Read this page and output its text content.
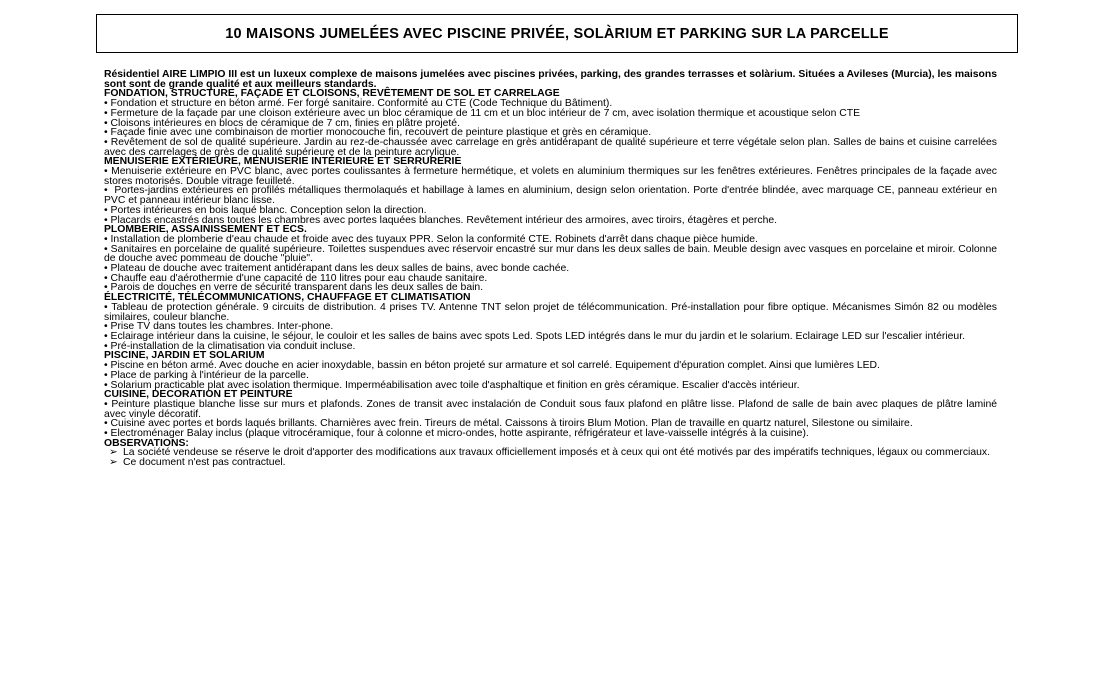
10 MAISONS JUMELÉES AVEC PISCINE PRIVÉE, SOLÀRIUM ET PARKING SUR LA PARCELLE

Résidentiel AIRE LIMPIO III est un luxeux complexe de maisons jumelées avec piscines privées, parking, des grandes terrasses et solàrium. Situées a Avileses (Murcia), les maisons sont sont de grande qualité et aux meilleurs standards.

FONDATION, STRUCTURE, FAÇADE ET CLOISONS, REVÊTEMENT DE SOL ET CARRELAGE

• Fondation et structure en béton armé. Fer forgé sanitaire. Conformité au CTE (Code Technique du Bâtiment).

• Fermeture de la façade par une cloison extérieure avec un bloc céramique de 11 cm et un bloc intérieur de 7 cm, avec isolation thermique et acoustique selon CTE

• Cloisons intérieures en blocs de céramique de 7 cm, finies en plâtre projeté.

• Façade finie avec une combinaison de mortier monocouche fin, recouvert de peinture plastique et grès en céramique.

• Revêtement de sol de qualité supérieure. Jardin au rez-de-chaussée avec carrelage en grès antidérapant de qualité supérieure et terre végétale selon plan. Salles de bains et cuisine carrelées avec des carrelages de grès de qualité supérieure et de la peinture acrylique.

MENUISERIE EXTÉRIEURE, MENUISERIE INTÉRIEURE ET SERRURERIE

• Menuiserie extérieure en PVC blanc, avec portes coulissantes à fermeture hermétique, et volets en aluminium thermiques sur les fenêtres extérieures. Fenêtres principales de la façade avec stores motorisés. Double vitrage feuilleté.

•  Portes-jardins extérieures en profilés métalliques thermolaqués et habillage à lames en aluminium, design selon orientation. Porte d'entrée blindée, avec marquage CE, panneau extérieur en PVC et panneau intérieur blanc lisse.

• Portes intérieures en bois laqué blanc. Conception selon la direction.

• Placards encastrés dans toutes les chambres avec portes laquées blanches. Revêtement intérieur des armoires, avec tiroirs, étagères et perche.

PLOMBERIE, ASSAINISSEMENT ET ECS.

• Installation de plomberie d'eau chaude et froide avec des tuyaux PPR. Selon la conformité CTE. Robinets d'arrêt dans chaque pièce humide.

• Sanitaires en porcelaine de qualité supérieure. Toilettes suspendues avec réservoir encastré sur mur dans les deux salles de bain. Meuble design avec vasques en porcelaine et miroir. Colonne de douche avec pommeau de douche "pluie".

• Plateau de douche avec traitement antidérapant dans les deux salles de bains, avec bonde cachée.

• Chauffe eau d'aérothermie d'une capacité de 110 litres pour eau chaude sanitaire.

• Parois de douches en verre de sécurité transparent dans les deux salles de bain.

ÉLECTRICITÉ, TÉLÉCOMMUNICATIONS, CHAUFFAGE ET CLIMATISATION

• Tableau de protection générale. 9 circuits de distribution. 4 prises TV. Antenne TNT selon projet de télécommunication. Pré-installation pour fibre optique. Mécanismes Simón 82 ou modèles similaires, couleur blanche.

• Prise TV dans toutes les chambres. Inter-phone.

• Eclairage intérieur dans la cuisine, le séjour, le couloir et les salles de bains avec spots Led. Spots LED intégrés dans le mur du jardin et le solarium. Eclairage LED sur l'escalier intérieur.

• Pré-installation de la climatisation via conduit incluse.

PISCINE, JARDIN ET SOLARIUM

• Piscine en béton armé. Avec douche en acier inoxydable, bassin en béton projeté sur armature et sol carrelé. Equipement d'épuration complet. Ainsi que lumières LED.

• Place de parking à l'intérieur de la parcelle.

• Solarium practicable plat avec isolation thermique. Imperméabilisation avec toile d'asphaltique et finition en grès céramique. Escalier d'accès intérieur.

CUISINE, DECORATION ET PEINTURE

• Peinture plastique blanche lisse sur murs et plafonds. Zones de transit avec instalación de Conduit sous faux plafond en plâtre lisse. Plafond de salle de bain avec plaques de plâtre laminé avec vinyle décoratif.

• Cuisine avec portes et bords laqués brillants. Charnières avec frein. Tireurs de métal. Caissons à tiroirs Blum Motion. Plan de travaille en quartz naturel, Silestone ou similaire.

• Electroménager Balay inclus (plaque vitrocéramique, four à colonne et micro-ondes, hotte aspirante, réfrigérateur et lave-vaisselle intégrés à la cuisine).

OBSERVATIONS:

➢ La société vendeuse se réserve le droit d'apporter des modifications aux travaux officiellement imposés et à ceux qui ont été motivés par des impératifs techniques, légaux ou commerciaux.
➢ Ce document n'est pas contractuel.
